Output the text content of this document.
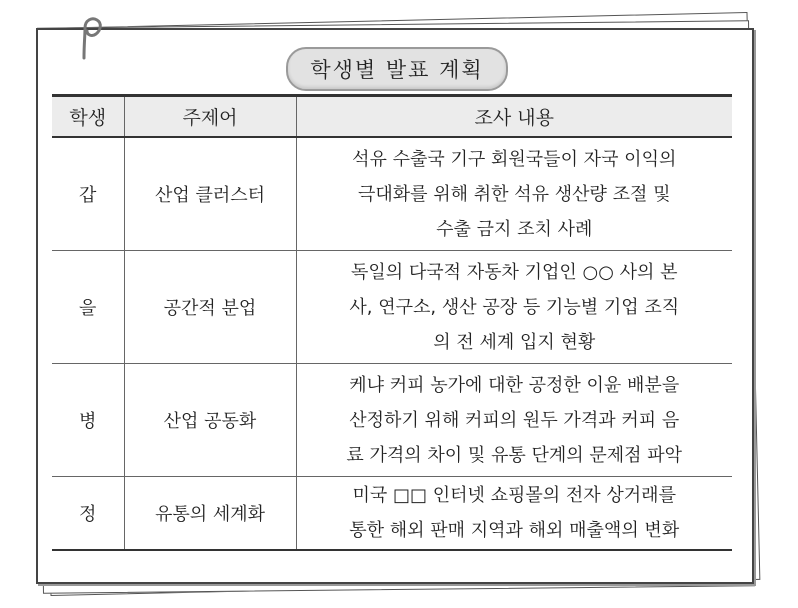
학생별 발표 계획
학생	주제어	조사 내용
갑	산업 클러스터	석유 수출국 기구 회원국들이 자국 이익의
극대화를 위해 취한 석유 생산량 조절 및
수출 금지 조치 사례

을	공간적 분업	독일의 다국적 자동차 기업인 ○○ 사의 본
사, 연구소, 생산 공장 등 기능별 기업 조직
의 전 세계 입지 현황

병	산업 공동화	케냐 커피 농가에 대한 공정한 이윤 배분을
산정하기 위해 커피의 원두 가격과 커피 음
료 가격의 차이 및 유통 단계의 문제점 파악

정	유통의 세계화	미국 □□ 인터넷 쇼핑몰의 전자 상거래를
통한 해외 판매 지역과 해외 매출액의 변화
